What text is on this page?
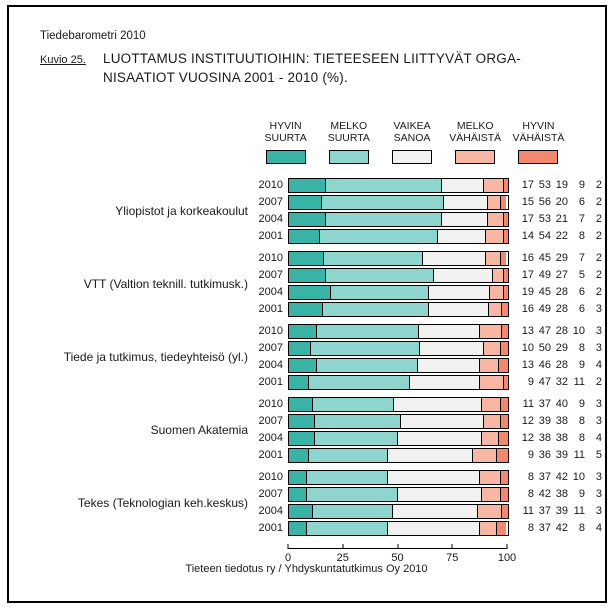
Tiedebarometri 2010
Kuvio 25. LUOTTAMUS INSTITUUTIOIHIN: TIETEESEEN LIITTYVÄT ORGA-
NISAATIOT VUOSINA 2001 - 2010 (%).
HYVIN
SUURTA
MELKO
SUURTA
VAIKEA
SANOA
MELKO
VÄHÄISTÄ
HYVIN
VÄHÄISTÄ
Yliopistot ja korkeakoulut
2010	17 53 19 9 2
2007	15 56 20 6 2
2004	17 53 21 7 2
2001	14 54 22 8 2
VTT (Valtion teknill. tutkimusk.)
2010	16 45 29 7 2
2007	17 49 27 5 2
2004	19 45 28 6 2
2001	16 49 28 6 3
Tiede ja tutkimus, tiedeyhteisö (yl.)
2010	13 47 28 10 3
2007	10 50 29 8 3
2004	13 46 28 9 4
2001	9 47 32 11 2
Suomen Akatemia
2010	11 37 40 9 3
2007	12 39 38 8 3
2004	12 38 38 8 4
2001	9 36 39 11 5
Tekes (Teknologian keh.keskus)
2010	8 37 42 10 3
2007	8 42 38 9 3
2004	11 37 39 11 3
2001	8 37 42 8 4
0	25	50	75	100
Tieteen tiedotus ry / Yhdyskuntatutkimus Oy 2010
